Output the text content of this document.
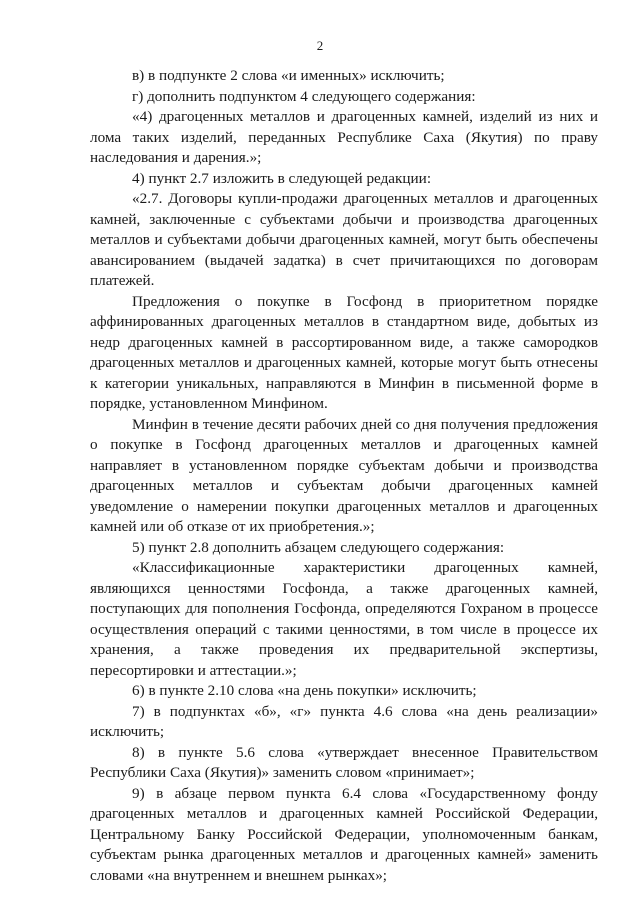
2

в) в подпункте 2 слова «и именных» исключить;

г) дополнить подпунктом 4 следующего содержания:

«4) драгоценных металлов и драгоценных камней, изделий из них и лома таких изделий, переданных Республике Саха (Якутия) по праву наследования и дарения.»;

4) пункт 2.7 изложить в следующей редакции:

«2.7. Договоры купли-продажи драгоценных металлов и драгоценных камней, заключенные с субъектами добычи и производства драгоценных металлов и субъектами добычи драгоценных камней, могут быть обеспечены авансированием (выдачей задатка) в счет причитающихся по договорам платежей.

Предложения о покупке в Госфонд в приоритетном порядке аффинированных драгоценных металлов в стандартном виде, добытых из недр драгоценных камней в рассортированном виде, а также самородков драгоценных металлов и драгоценных камней, которые могут быть отнесены к категории уникальных, направляются в Минфин в письменной форме в порядке, установленном Минфином.

Минфин в течение десяти рабочих дней со дня получения предложения о покупке в Госфонд драгоценных металлов и драгоценных камней направляет в установленном порядке субъектам добычи и производства драгоценных металлов и субъектам добычи драгоценных камней уведомление о намерении покупки драгоценных металлов и драгоценных камней или об отказе от их приобретения.»;

5) пункт 2.8 дополнить абзацем следующего содержания:

«Классификационные характеристики драгоценных камней, являющихся ценностями Госфонда, а также драгоценных камней, поступающих для пополнения Госфонда, определяются Гохраном в процессе осуществления операций с такими ценностями, в том числе в процессе их хранения, а также проведения их предварительной экспертизы, пересортировки и аттестации.»;

6) в пункте 2.10 слова «на день покупки» исключить;

7) в подпунктах «б», «г» пункта 4.6 слова «на день реализации» исключить;

8) в пункте 5.6 слова «утверждает внесенное Правительством Республики Саха (Якутия)» заменить словом «принимает»;

9) в абзаце первом пункта 6.4 слова «Государственному фонду драгоценных металлов и драгоценных камней Российской Федерации, Центральному Банку Российской Федерации, уполномоченным банкам, субъектам рынка драгоценных металлов и драгоценных камней» заменить словами «на внутреннем и внешнем рынках»;
